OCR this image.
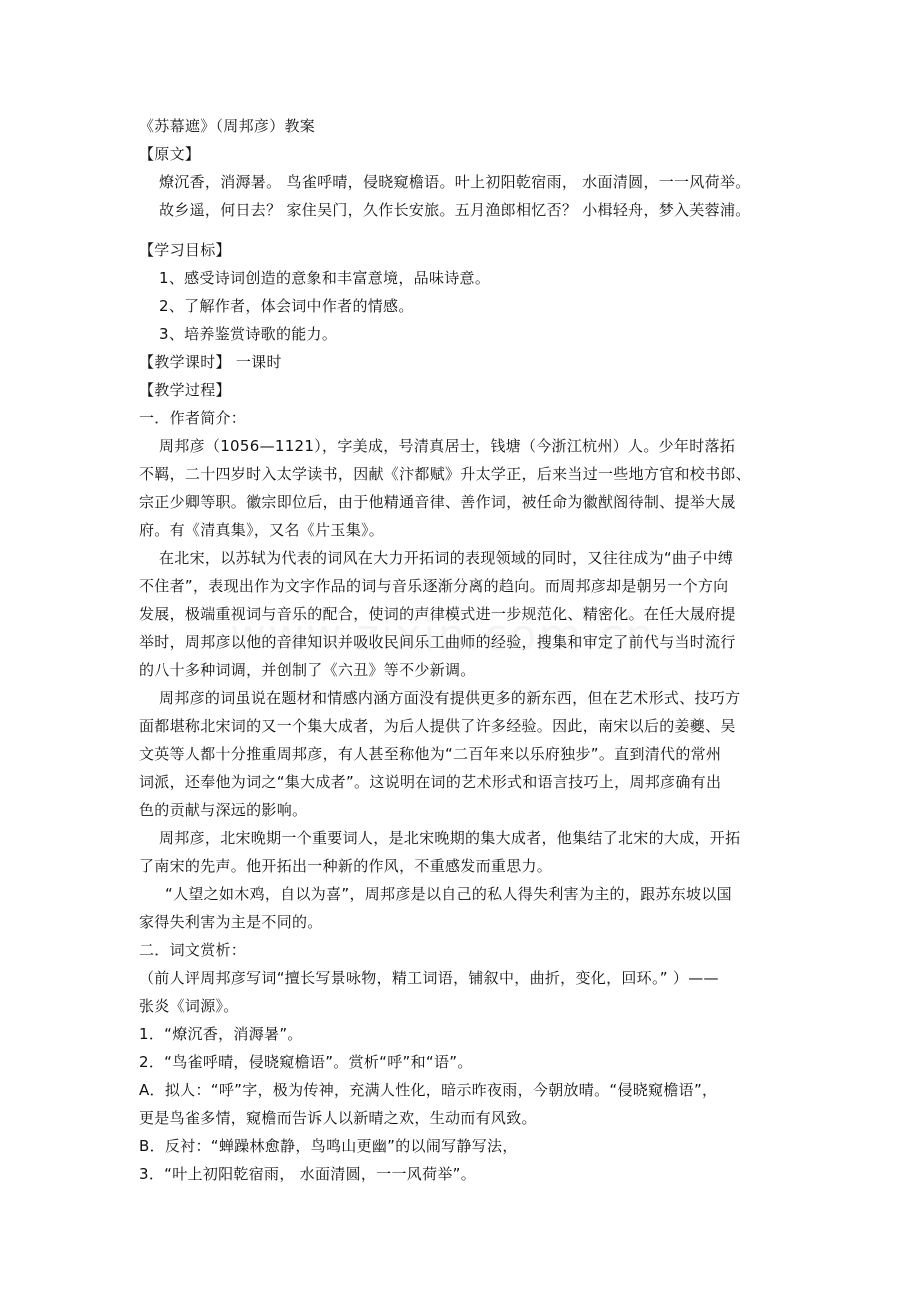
《苏幕遮》（周邦彦）教案
【原文】
燎沉香，消溽暑。 鸟雀呼晴，侵晓窥檐语。叶上初阳乾宿雨， 水面清圆，一一风荷举。
故乡遥，何日去？ 家住吴门，久作长安旅。五月渔郎相忆否？ 小楫轻舟，梦入芙蓉浦。
【学习目标】
1、感受诗词创造的意象和丰富意境，品味诗意。
2、了解作者，体会词中作者的情感。
3、培养鉴赏诗歌的能力。
【教学课时】 一课时
【教学过程】
一．作者简介：
周邦彦（1056—1121），字美成，号清真居士，钱塘（今浙江杭州）人。少年时落拓
不羁，二十四岁时入太学读书，因献《汴都赋》升太学正，后来当过一些地方官和校书郎、
宗正少卿等职。徽宗即位后，由于他精通音律、善作词，被任命为徽猷阁待制、提举大晟
府。有《清真集》，又名《片玉集》。
在北宋，以苏轼为代表的词风在大力开拓词的表现领域的同时，又往往成为“曲子中缚
不住者”，表现出作为文字作品的词与音乐逐渐分离的趋向。而周邦彦却是朝另一个方向
发展，极端重视词与音乐的配合，使词的声律模式进一步规范化、精密化。在任大晟府提
举时，周邦彦以他的音律知识并吸收民间乐工曲师的经验，搜集和审定了前代与当时流行
的八十多种词调，并创制了《六丑》等不少新调。
周邦彦的词虽说在题材和情感内涵方面没有提供更多的新东西，但在艺术形式、技巧方
面都堪称北宋词的又一个集大成者，为后人提供了许多经验。因此，南宋以后的姜夔、吴
文英等人都十分推重周邦彦，有人甚至称他为“二百年来以乐府独步”。直到清代的常州
词派，还奉他为词之“集大成者”。这说明在词的艺术形式和语言技巧上，周邦彦确有出
色的贡献与深远的影响。
周邦彦，北宋晚期一个重要词人，是北宋晚期的集大成者，他集结了北宋的大成，开拓
了南宋的先声。他开拓出一种新的作风，不重感发而重思力。
“人望之如木鸡，自以为喜”，周邦彦是以自己的私人得失利害为主的，跟苏东坡以国
家得失利害为主是不同的。
二．词文赏析：
（前人评周邦彦写词“擅长写景咏物，精工词语，铺叙中，曲折，变化，回环。” ）——
张炎《词源》。
1．“燎沉香，消溽暑”。
2．“鸟雀呼晴，侵晓窥檐语”。赏析“呼”和“语”。
A．拟人：“呼”字，极为传神，充满人性化，暗示昨夜雨，今朝放晴。“侵晓窥檐语”，
更是鸟雀多情，窥檐而告诉人以新晴之欢，生动而有风致。
B．反衬：“蝉躁林愈静，鸟鸣山更幽”的以闹写静写法，
3．“叶上初阳乾宿雨， 水面清圆，一一风荷举”。
